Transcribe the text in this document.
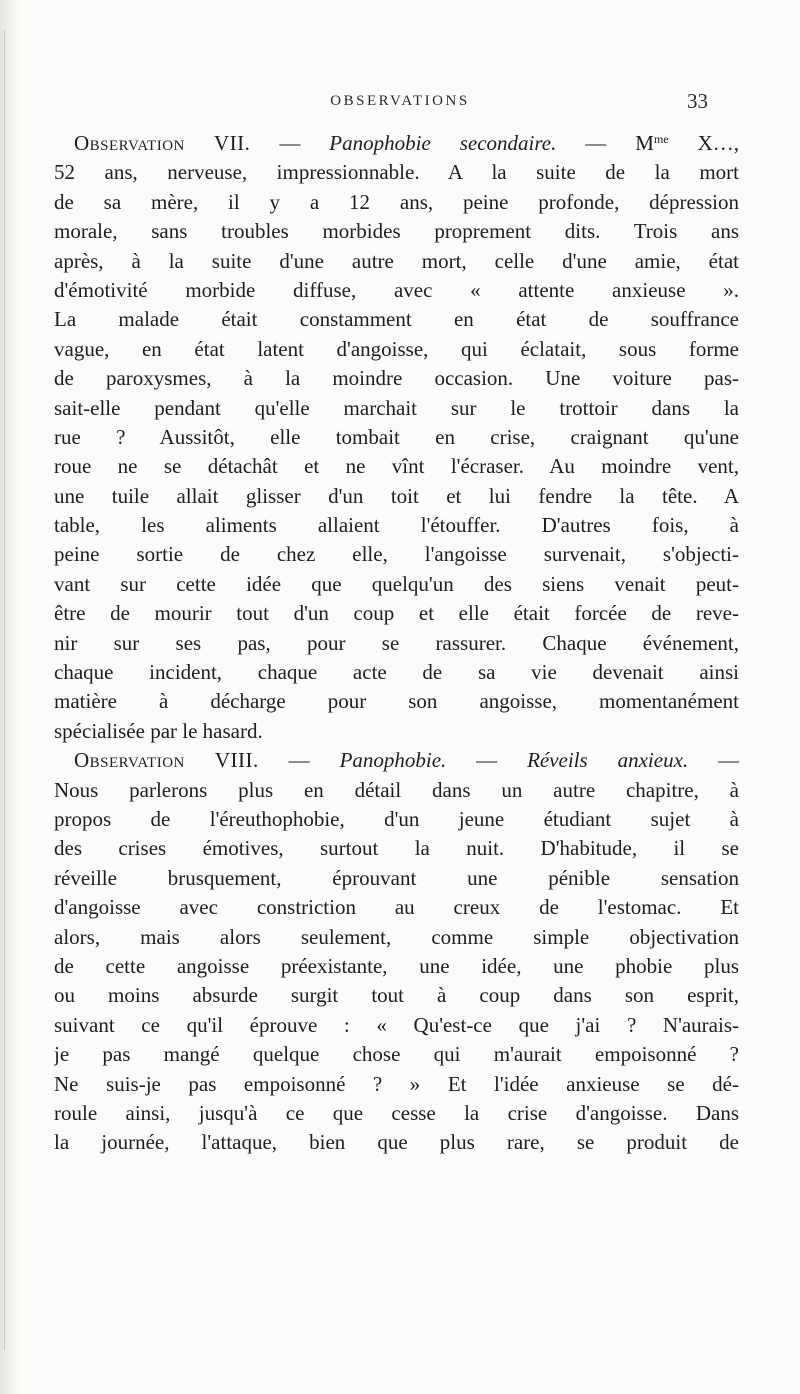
OBSERVATIONS	33
Observation VII. — Panophobie secondaire. — $M^{me}$ X…,
52 ans, nerveuse, impressionnable. A la suite de la mort
de sa mère, il y a 12 ans, peine profonde, dépression
morale, sans troubles morbides proprement dits. Trois ans
après, à la suite d'une autre mort, celle d'une amie, état
d'émotivité morbide diffuse, avec « attente anxieuse ».
La malade était constamment en état de souffrance
vague, en état latent d'angoisse, qui éclatait, sous forme
de paroxysmes, à la moindre occasion. Une voiture pas-
sait-elle pendant qu'elle marchait sur le trottoir dans la
rue ? Aussitôt, elle tombait en crise, craignant qu'une
roue ne se détachât et ne vînt l'écraser. Au moindre vent,
une tuile allait glisser d'un toit et lui fendre la tête. A
table, les aliments allaient l'étouffer. D'autres fois, à
peine sortie de chez elle, l'angoisse survenait, s'objecti-
vant sur cette idée que quelqu'un des siens venait peut-
être de mourir tout d'un coup et elle était forcée de reve-
nir sur ses pas, pour se rassurer. Chaque événement,
chaque incident, chaque acte de sa vie devenait ainsi
matière à décharge pour son angoisse, momentanément
spécialisée par le hasard.
Observation VIII. — Panophobie. — Réveils anxieux. —
Nous parlerons plus en détail dans un autre chapitre, à
propos de l'éreuthophobie, d'un jeune étudiant sujet à
des crises émotives, surtout la nuit. D'habitude, il se
réveille brusquement, éprouvant une pénible sensation
d'angoisse avec constriction au creux de l'estomac. Et
alors, mais alors seulement, comme simple objectivation
de cette angoisse préexistante, une idée, une phobie plus
ou moins absurde surgit tout à coup dans son esprit,
suivant ce qu'il éprouve : « Qu'est-ce que j'ai ? N'aurais-
je pas mangé quelque chose qui m'aurait empoisonné ?
Ne suis-je pas empoisonné ? » Et l'idée anxieuse se dé-
roule ainsi, jusqu'à ce que cesse la crise d'angoisse. Dans
la journée, l'attaque, bien que plus rare, se produit de
